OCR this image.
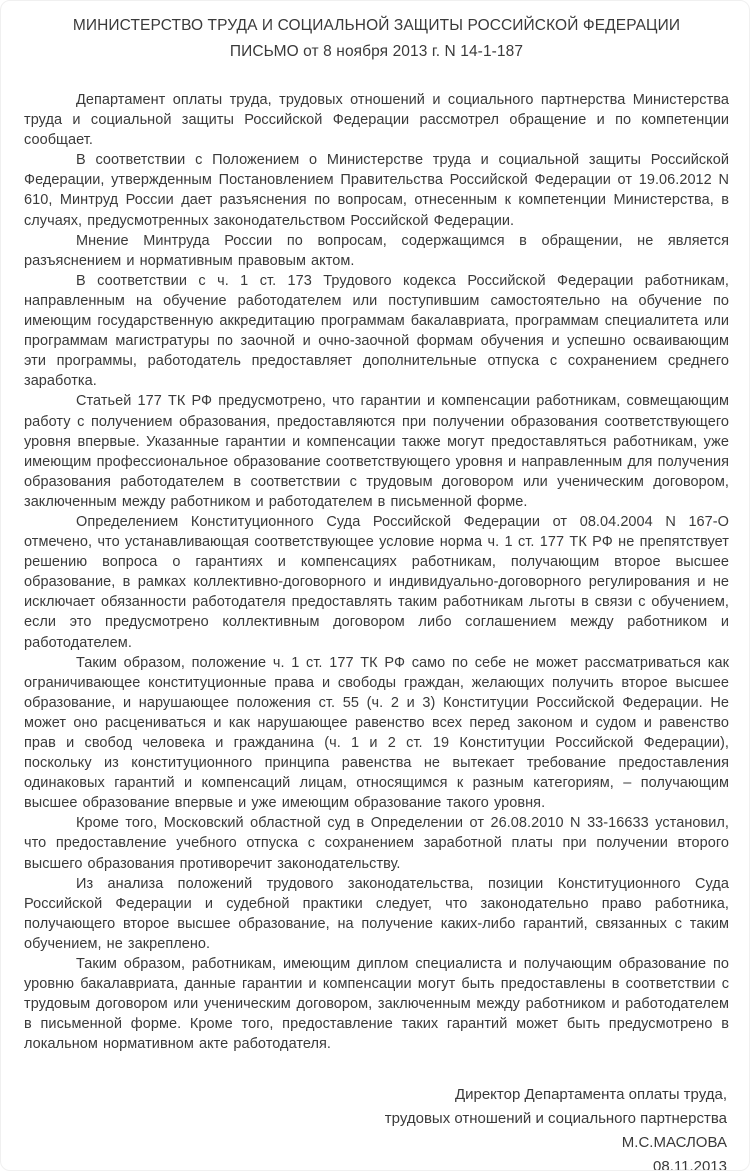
МИНИСТЕРСТВО ТРУДА И СОЦИАЛЬНОЙ ЗАЩИТЫ РОССИЙСКОЙ ФЕДЕРАЦИИ
ПИСЬМО от 8 ноября 2013 г. N 14-1-187

Департамент оплаты труда, трудовых отношений и социального партнерства Министерства труда и социальной защиты Российской Федерации рассмотрел обращение и по компетенции сообщает.

В соответствии с Положением о Министерстве труда и социальной защиты Российской Федерации, утвержденным Постановлением Правительства Российской Федерации от 19.06.2012 N 610, Минтруд России дает разъяснения по вопросам, отнесенным к компетенции Министерства, в случаях, предусмотренных законодательством Российской Федерации.

Мнение Минтруда России по вопросам, содержащимся в обращении, не является разъяснением и нормативным правовым актом.

В соответствии с ч. 1 ст. 173 Трудового кодекса Российской Федерации работникам, направленным на обучение работодателем или поступившим самостоятельно на обучение по имеющим государственную аккредитацию программам бакалавриата, программам специалитета или программам магистратуры по заочной и очно-заочной формам обучения и успешно осваивающим эти программы, работодатель предоставляет дополнительные отпуска с сохранением среднего заработка.

Статьей 177 ТК РФ предусмотрено, что гарантии и компенсации работникам, совмещающим работу с получением образования, предоставляются при получении образования соответствующего уровня впервые. Указанные гарантии и компенсации также могут предоставляться работникам, уже имеющим профессиональное образование соответствующего уровня и направленным для получения образования работодателем в соответствии с трудовым договором или ученическим договором, заключенным между работником и работодателем в письменной форме.

Определением Конституционного Суда Российской Федерации от 08.04.2004 N 167-О отмечено, что устанавливающая соответствующее условие норма ч. 1 ст. 177 ТК РФ не препятствует решению вопроса о гарантиях и компенсациях работникам, получающим второе высшее образование, в рамках коллективно-договорного и индивидуально-договорного регулирования и не исключает обязанности работодателя предоставлять таким работникам льготы в связи с обучением, если это предусмотрено коллективным договором либо соглашением между работником и работодателем.

Таким образом, положение ч. 1 ст. 177 ТК РФ само по себе не может рассматриваться как ограничивающее конституционные права и свободы граждан, желающих получить второе высшее образование, и нарушающее положения ст. 55 (ч. 2 и 3) Конституции Российской Федерации. Не может оно расцениваться и как нарушающее равенство всех перед законом и судом и равенство прав и свобод человека и гражданина (ч. 1 и 2 ст. 19 Конституции Российской Федерации), поскольку из конституционного принципа равенства не вытекает требование предоставления одинаковых гарантий и компенсаций лицам, относящимся к разным категориям, – получающим высшее образование впервые и уже имеющим образование такого уровня.

Кроме того, Московский областной суд в Определении от 26.08.2010 N 33-16633 установил, что предоставление учебного отпуска с сохранением заработной платы при получении второго высшего образования противоречит законодательству.

Из анализа положений трудового законодательства, позиции Конституционного Суда Российской Федерации и судебной практики следует, что законодательно право работника, получающего второе высшее образование, на получение каких-либо гарантий, связанных с таким обучением, не закреплено.

Таким образом, работникам, имеющим диплом специалиста и получающим образование по уровню бакалавриата, данные гарантии и компенсации могут быть предоставлены в соответствии с трудовым договором или ученическим договором, заключенным между работником и работодателем в письменной форме. Кроме того, предоставление таких гарантий может быть предусмотрено в локальном нормативном акте работодателя.

Директор Департамента оплаты труда,
трудовых отношений и социального партнерства
М.С.МАСЛОВА
08.11.2013
